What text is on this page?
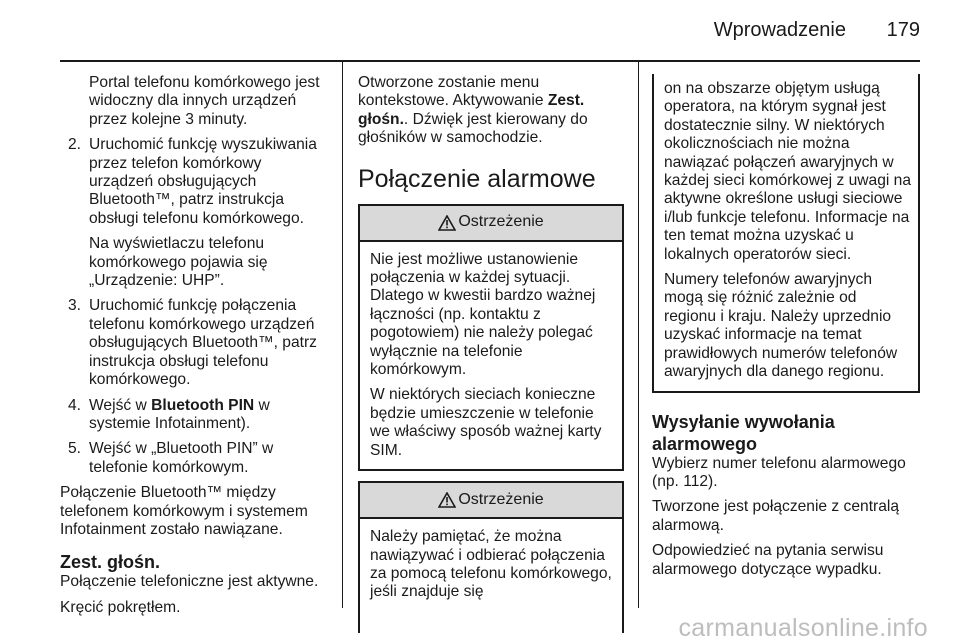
Wprowadzenie	179

Portal telefonu komórkowego jest widoczny dla innych urządzeń przez kolejne 3 minuty.

2. Uruchomić funkcję wyszukiwania przez telefon komórkowy urządzeń obsługujących Bluetooth™, patrz instrukcja obsługi telefonu komórkowego.

Na wyświetlaczu telefonu komórkowego pojawia się „Urządzenie: UHP”.

3. Uruchomić funkcję połączenia telefonu komórkowego urządzeń obsługujących Bluetooth™, patrz instrukcja obsługi telefonu komórkowego.

4. Wejść w Bluetooth PIN w systemie Infotainment).

5. Wejść w „Bluetooth PIN” w telefonie komórkowym.

Połączenie Bluetooth™ między telefonem komórkowym i systemem Infotainment zostało nawiązane.

Zest. głośn.

Połączenie telefoniczne jest aktywne.

Kręcić pokrętłem.

Otworzone zostanie menu kontekstowe. Aktywowanie Zest. głośn.. Dźwięk jest kierowany do głośników w samochodzie.

Połączenie alarmowe
Ostrzeżenie

Nie jest możliwe ustanowienie połączenia w każdej sytuacji. Dlatego w kwestii bardzo ważnej łączności (np. kontaktu z pogotowiem) nie należy polegać wyłącznie na telefonie komórkowym.

W niektórych sieciach konieczne będzie umieszczenie w telefonie we właściwy sposób ważnej karty SIM.

Ostrzeżenie

Należy pamiętać, że można nawiązywać i odbierać połączenia za pomocą telefonu komórkowego, jeśli znajduje się

on na obszarze objętym usługą operatora, na którym sygnał jest dostatecznie silny. W niektórych okolicznościach nie można nawiązać połączeń awaryjnych w każdej sieci komórkowej z uwagi na aktywne określone usługi sieciowe i/lub funkcje telefonu. Informacje na ten temat można uzyskać u lokalnych operatorów sieci.

Numery telefonów awaryjnych mogą się różnić zależnie od regionu i kraju. Należy uprzednio uzyskać informacje na temat prawidłowych numerów telefonów awaryjnych dla danego regionu.

Wysyłanie wywołania alarmowego

Wybierz numer telefonu alarmowego (np. 112).

Tworzone jest połączenie z centralą alarmową.

Odpowiedzieć na pytania serwisu alarmowego dotyczące wypadku.

carmanualsonline.info
